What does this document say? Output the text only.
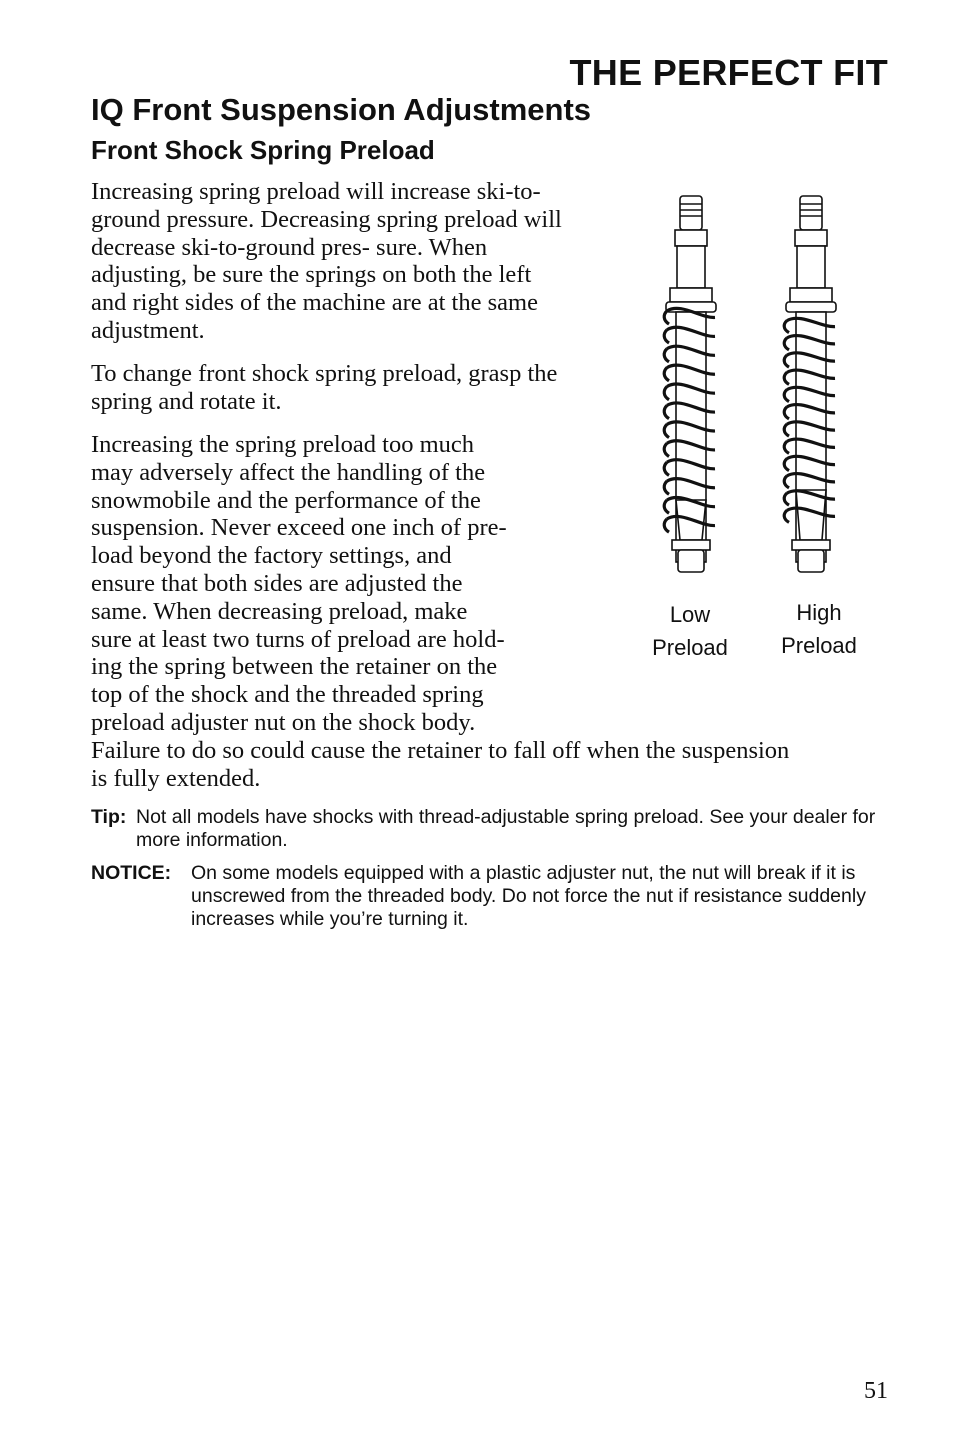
THE PERFECT FIT
IQ Front Suspension Adjustments
Front Shock Spring Preload

Increasing spring preload will increase ski-to-ground pressure. Decreasing spring preload will decrease ski-to-ground pres- sure. When adjusting, be sure the springs on both the left and right sides of the machine are at the same adjustment.

To change front shock spring preload, grasp the spring and rotate it.

Increasing the spring preload too much
may adversely affect the handling of the
snowmobile and the performance of the
suspension. Never exceed one inch of pre-
load beyond the factory settings, and
ensure that both sides are adjusted the
same. When decreasing preload, make
sure at least two turns of preload are hold-
ing the spring between the retainer on the
top of the shock and the threaded spring
preload adjuster nut on the shock body.
Failure to do so could cause the retainer to fall off when the suspension
is fully extended.

Tip: Not all models have shocks with thread-adjustable spring preload. See your dealer for more information.
NOTICE:	On some models equipped with a plastic adjuster nut, the nut will break if it is unscrewed from the threaded body. Do not force the nut if resistance suddenly increases while you’re turning it.
Low
Preload
High
Preload

51
